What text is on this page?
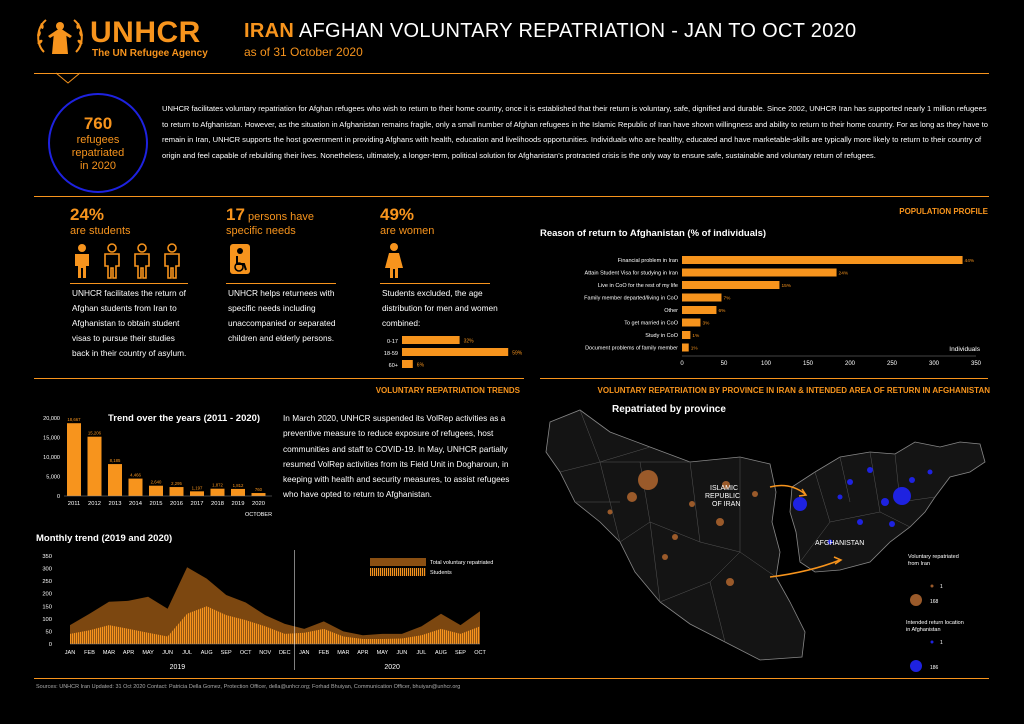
UNHCR
The UN Refugee Agency
IRAN AFGHAN VOLUNTARY REPATRIATION - JAN TO OCT 2020
as of 31 October 2020
760
refugees
repatriated
in 2020
UNHCR facilitates voluntary repatriation for Afghan refugees who wish to return to their home country, once it is established that their return is voluntary, safe, dignified and durable. Since 2002, UNHCR Iran has supported nearly 1 million refugees to return to Afghanistan. However, as the situation in Afghanistan remains fragile, only a small number of Afghan refugees in the Islamic Republic of Iran have shown willingness and ability to return to their home country. For as long as they have to remain in Iran, UNHCR supports the host government in providing Afghans with health, education and livelihoods opportunities. Individuals who are healthy, educated and have marketable-skills are typically more likely to return to their country of origin and feel capable of rebuilding their lives. Nonetheless, ultimately, a longer-term, political solution for Afghanistan's protracted crisis is the only way to ensure safe, sustainable and voluntary return of refugees.
POPULATION PROFILE
24%
are students
UNHCR facilitates the return of Afghan students from Iran to Afghanistan to obtain student visas to pursue their studies back in their country of asylum.
17 persons have
specific needs
UNHCR helps returnees with specific needs including unaccompanied or separated children and elderly persons.
49%
are women
Students excluded, the age distribution for men and women combined:
0-17	32%
18-59	59%
60+	6%
Reason of return to Afghanistan (% of individuals)
Financial problem in Iran	44%
Attain Student Visa for studying in Iran	24%
Live in CoO for the rest of my life	15%
Family member departed/living in CoO	7%
Other	6%
To get married in CoO	3%
Study in CoO	1%
Document problems of family member	1%
0	50	100	150	200	250	300	350
Individuals
VOLUNTARY REPATRIATION TRENDS
Trend over the years (2011 - 2020)
20,000
15,000
10,000
5,000
0
18,667
2011
15,206
2012
8,185
2013
4,466
2014
2,640
2015
2,295
2016
1,197
2017
1,872
2018
1,812
2019
760
2020
OCTOBER
In March 2020, UNHCR suspended its VolRep activities as a preventive measure to reduce exposure of refugees, host communities and staff to COVID-19. In May, UNHCR partially resumed VolRep activities from its Field Unit in Dogharoun, in keeping with health and security measures, to assist refugees who have opted to return to Afghanistan.
Monthly trend (2019 and 2020)
350
300
250
200
150
100
50
0
JAN FEB MAR APR MAY JUN JUL AUG SEP OCT NOV DEC JAN FEB MAR APR MAY JUN JUL AUG SEP OCT
2019	2020
Total voluntary repatriated
Students
VOLUNTARY REPATRIATION BY PROVINCE IN IRAN & INTENDED AREA OF RETURN IN AFGHANISTAN
Repatriated by province
ISLAMIC REPUBLIC OF IRAN
AFGHANISTAN
Voluntary repatriated from Iran
1
168
Intended return location in Afghanistan
1
186
Sources: UNHCR Iran Updated: 31 Oct 2020 Contact: Patricia Della Gomez, Protection Officer, della@unhcr.org; Forhad Bhuiyan, Communication Officer, bhuiyan@unhcr.org
